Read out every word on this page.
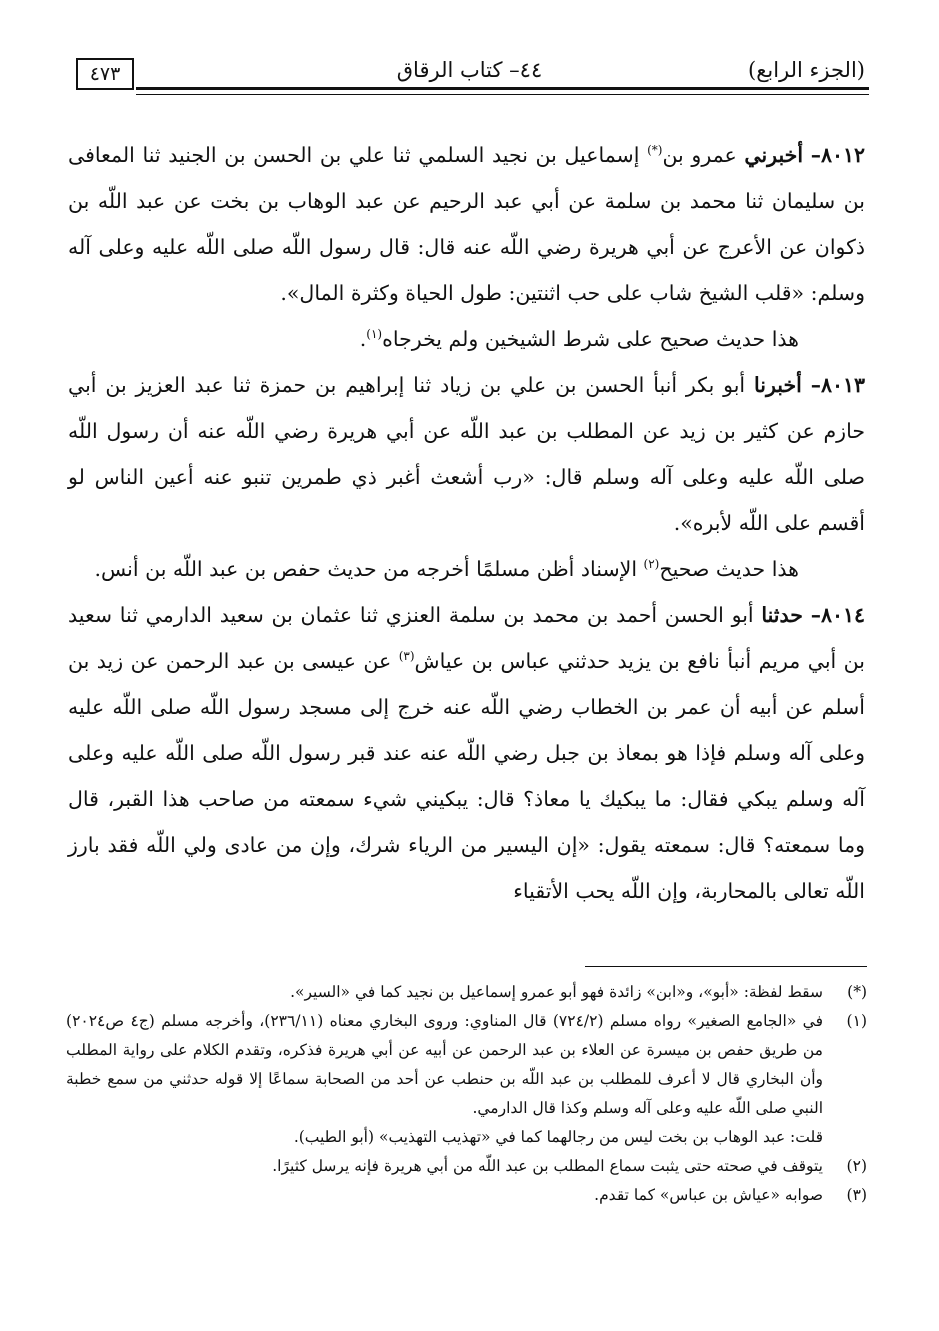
(الجزء الرابع)
٤٤– كتاب الرقاق
٤٧٣

٨٠١٢– أخبرني عمرو بن(*) إسماعيل بن نجيد السلمي ثنا علي بن الحسن بن الجنيد ثنا المعافى بن سليمان ثنا محمد بن سلمة عن أبي عبد الرحيم عن عبد الوهاب بن بخت عن عبد اللّه بن ذكوان عن الأعرج عن أبي هريرة رضي اللّه عنه قال: قال رسول اللّه صلى اللّه عليه وعلى آله وسلم: «قلب الشيخ شاب على حب اثنتين: طول الحياة وكثرة المال».

هذا حديث صحيح على شرط الشيخين ولم يخرجاه$^{(١)}$.

٨٠١٣– أخبرنا أبو بكر أنبأ الحسن بن علي بن زياد ثنا إبراهيم بن حمزة ثنا عبد العزيز بن أبي حازم عن كثير بن زيد عن المطلب بن عبد اللّه عن أبي هريرة رضي اللّه عنه أن رسول اللّه صلى اللّه عليه وعلى آله وسلم قال: «رب أشعث أغبر ذي طمرين تنبو عنه أعين الناس لو أقسم على اللّه لأبره».

هذا حديث صحيح$^{(٢)}$ الإسناد أظن مسلمًا أخرجه من حديث حفص بن عبد اللّه بن أنس.

٨٠١٤– حدثنا أبو الحسن أحمد بن محمد بن سلمة العنزي ثنا عثمان بن سعيد الدارمي ثنا سعيد بن أبي مريم أنبأ نافع بن يزيد حدثني عباس بن عياش$^{(٣)}$ عن عيسى بن عبد الرحمن عن زيد بن أسلم عن أبيه أن عمر بن الخطاب رضي اللّه عنه خرج إلى مسجد رسول اللّه صلى اللّه عليه وعلى آله وسلم فإذا هو بمعاذ بن جبل رضي اللّه عنه عند قبر رسول اللّه صلى اللّه عليه وعلى آله وسلم يبكي فقال: ما يبكيك يا معاذ؟ قال: يبكيني شيء سمعته من صاحب هذا القبر، قال وما سمعته؟ قال: سمعته يقول: «إن اليسير من الرياء شرك، وإن من عادى ولي اللّه فقد بارز اللّه تعالى بالمحاربة، وإن اللّه يحب الأتقياء

(*)
سقط لفظة: «أبو»، و«ابن» زائدة فهو أبو عمرو إسماعيل بن نجيد كما في «السير».

(١)
في «الجامع الصغير» رواه مسلم (٧٢٤/٢) قال المناوي: وروى البخاري معناه (٢٣٦/١١)، وأخرجه مسلم (ج٤ ص٢٠٢٤) من طريق حفص بن ميسرة عن العلاء بن عبد الرحمن عن أبيه عن أبي هريرة فذكره، وتقدم الكلام على رواية المطلب وأن البخاري قال لا أعرف للمطلب بن عبد اللّه بن حنطب عن أحد من الصحابة سماعًا إلا قوله حدثني من سمع خطبة النبي صلى اللّه عليه وعلى آله وسلم وكذا قال الدارمي.

قلت: عبد الوهاب بن بخت ليس من رجالهما كما في «تهذيب التهذيب» (أبو الطيب).

(٢)
يتوقف في صحته حتى يثبت سماع المطلب بن عبد اللّه من أبي هريرة فإنه يرسل كثيرًا.

(٣)
صوابه «عياش بن عباس» كما تقدم.
